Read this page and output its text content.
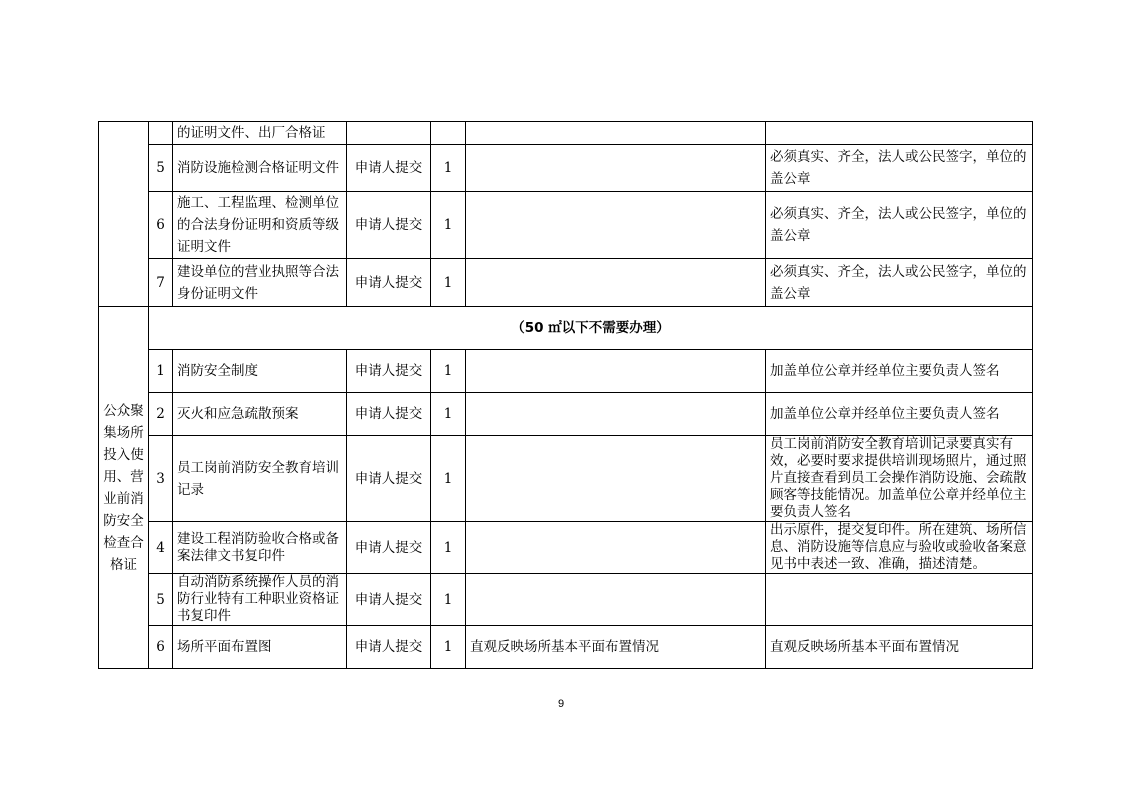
		的证明文件、出厂合格证				
	5	消防设施检测合格证明文件	申请人提交	1		必须真实、齐全，法人或公民签字，单位的盖公章
	6	施工、工程监理、检测单位的合法身份证明和资质等级证明文件	申请人提交	1		必须真实、齐全，法人或公民签字，单位的盖公章
	7	建设单位的营业执照等合法身份证明文件	申请人提交	1		必须真实、齐全，法人或公民签字，单位的盖公章
公众聚集场所投入使用、营业前消防安全检查合格证	（50 ㎡以下不需要办理）					
	1	消防安全制度	申请人提交	1		加盖单位公章并经单位主要负责人签名
	2	灭火和应急疏散预案	申请人提交	1		加盖单位公章并经单位主要负责人签名
	3	员工岗前消防安全教育培训记录	申请人提交	1		员工岗前消防安全教育培训记录要真实有效，必要时要求提供培训现场照片，通过照片直接查看到员工会操作消防设施、会疏散顾客等技能情况。加盖单位公章并经单位主要负责人签名
	4	建设工程消防验收合格或备案法律文书复印件	申请人提交	1		出示原件，提交复印件。所在建筑、场所信息、消防设施等信息应与验收或验收备案意见书中表述一致、准确，描述清楚。
	5	自动消防系统操作人员的消防行业特有工种职业资格证书复印件	申请人提交	1		
	6	场所平面布置图	申请人提交	1	直观反映场所基本平面布置情况	直观反映场所基本平面布置情况
9
